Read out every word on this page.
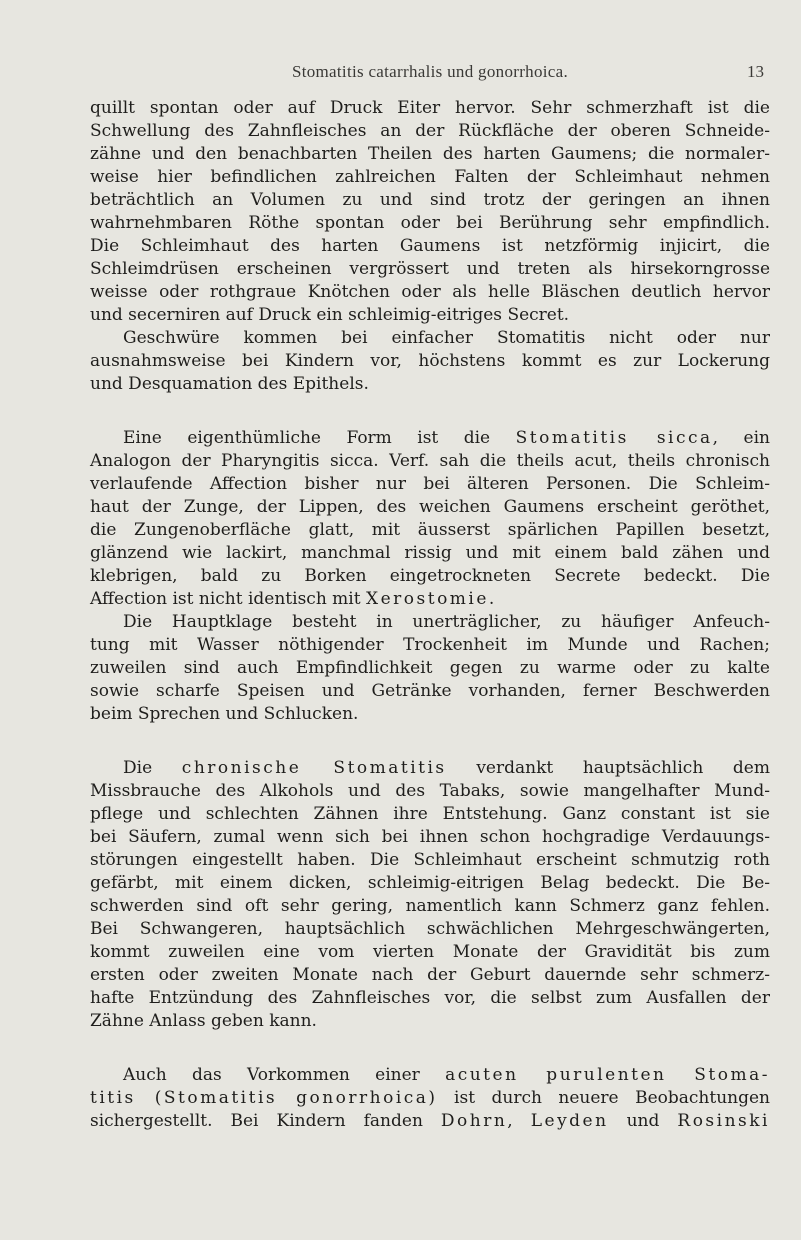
Stomatitis catarrhalis und gonorrhoica.	13
quillt spontan oder auf Druck Eiter hervor. Sehr schmerzhaft ist die
Schwellung des Zahnfleisches an der Rückfläche der oberen Schneide-
zähne und den benachbarten Theilen des harten Gaumens; die normaler-
weise hier befindlichen zahlreichen Falten der Schleimhaut nehmen
beträchtlich an Volumen zu und sind trotz der geringen an ihnen
wahrnehmbaren Röthe spontan oder bei Berührung sehr empfindlich.
Die Schleimhaut des harten Gaumens ist netzförmig injicirt, die
Schleimdrüsen erscheinen vergrössert und treten als hirsekorngrosse
weisse oder rothgraue Knötchen oder als helle Bläschen deutlich hervor
und secerniren auf Druck ein schleimig-eitriges Secret.
Geschwüre kommen bei einfacher Stomatitis nicht oder nur
ausnahmsweise bei Kindern vor, höchstens kommt es zur Lockerung
und Desquamation des Epithels.
Eine eigenthümliche Form ist die Stomatitis sicca, ein
Analogon der Pharyngitis sicca. Verf. sah die theils acut, theils chronisch
verlaufende Affection bisher nur bei älteren Personen. Die Schleim-
haut der Zunge, der Lippen, des weichen Gaumens erscheint geröthet,
die Zungenoberfläche glatt, mit äusserst spärlichen Papillen besetzt,
glänzend wie lackirt, manchmal rissig und mit einem bald zähen und
klebrigen, bald zu Borken eingetrockneten Secrete bedeckt. Die
Affection ist nicht identisch mit Xerostomie.
Die Hauptklage besteht in unerträglicher, zu häufiger Anfeuch-
tung mit Wasser nöthigender Trockenheit im Munde und Rachen;
zuweilen sind auch Empfindlichkeit gegen zu warme oder zu kalte
sowie scharfe Speisen und Getränke vorhanden, ferner Beschwerden
beim Sprechen und Schlucken.
Die chronische Stomatitis verdankt hauptsächlich dem
Missbrauche des Alkohols und des Tabaks, sowie mangelhafter Mund-
pflege und schlechten Zähnen ihre Entstehung. Ganz constant ist sie
bei Säufern, zumal wenn sich bei ihnen schon hochgradige Verdauungs-
störungen eingestellt haben. Die Schleimhaut erscheint schmutzig roth
gefärbt, mit einem dicken, schleimig-eitrigen Belag bedeckt. Die Be-
schwerden sind oft sehr gering, namentlich kann Schmerz ganz fehlen.
Bei Schwangeren, hauptsächlich schwächlichen Mehrgeschwängerten,
kommt zuweilen eine vom vierten Monate der Gravidität bis zum
ersten oder zweiten Monate nach der Geburt dauernde sehr schmerz-
hafte Entzündung des Zahnfleisches vor, die selbst zum Ausfallen der
Zähne Anlass geben kann.
Auch das Vorkommen einer acuten purulenten Stoma-
titis (Stomatitis gonorrhoica) ist durch neuere Beobachtungen
sichergestellt. Bei Kindern fanden Dohrn, Leyden und Rosinski
